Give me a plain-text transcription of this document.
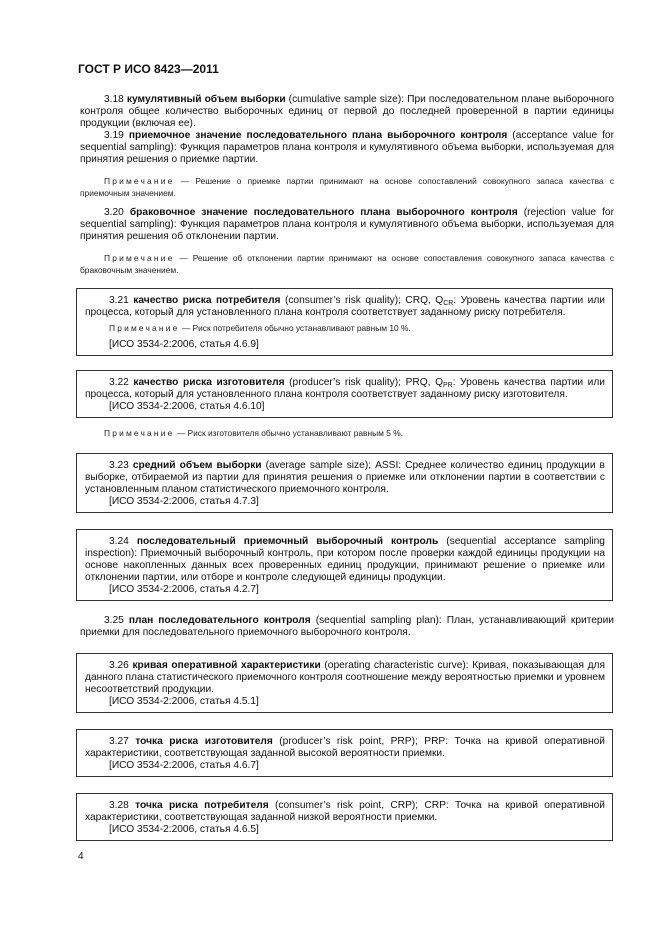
ГОСТ Р ИСО 8423—2011

3.18 кумулятивный объем выборки (cumulative sample size): При последовательном плане выборочного контроля общее количество выборочных единиц от первой до последней проверенной в партии единицы продукции (включая ее).

3.19 приемочное значение последовательного плана выборочного контроля (acceptance value for sequential sampling): Функция параметров плана контроля и кумулятивного объема выборки, используемая для принятия решения о приемке партии.

Примечание — Решение о приемке партии принимают на основе сопоставлений совокупного запаса качества с приемочным значением.

3.20 браковочное значение последовательного плана выборочного контроля (rejection value for sequential sampling): Функция параметров плана контроля и кумулятивного объема выборки, используемая для принятия решения об отклонении партии.

Примечание — Решение об отклонении партии принимают на основе сопоставления совокупного запаса качества с браковочным значением.

3.21 качество риска потребителя (consumer’s risk quality); CRQ, $Q_{CR}$: Уровень качества партии или процесса, который для установленного плана контроля соответствует заданному риску потребителя.

Примечание — Риск потребителя обычно устанавливают равным 10 %.

[ИСО 3534-2:2006, статья 4.6.9]

3.22 качество риска изготовителя (producer’s risk quality); PRQ, $Q_{PR}$: Уровень качества партии или процесса, который для установленного плана контроля соответствует заданному риску изготовителя.

[ИСО 3534-2:2006, статья 4.6.10]

Примечание — Риск изготовителя обычно устанавливают равным 5 %.

3.23 средний объем выборки (average sample size); ASSI: Среднее количество единиц продукции в выборке, отбираемой из партии для принятия решения о приемке или отклонении партии в соответствии с установленным планом статистического приемочного контроля.

[ИСО 3534-2:2006, статья 4.7.3]

3.24 последовательный приемочный выборочный контроль (sequential acceptance sampling inspection): Приемочный выборочный контроль, при котором после проверки каждой единицы продукции на основе накопленных данных всех проверенных единиц продукции, принимают решение о приемке или отклонении партии, или отборе и контроле следующей единицы продукции.

[ИСО 3534-2:2006, статья 4.2.7]

3.25 план последовательного контроля (sequential sampling plan): План, устанавливающий критерии приемки для последовательного приемочного выборочного контроля.

3.26 кривая оперативной характеристики (operating characteristic curve): Кривая, показывающая для данного плана статистического приемочного контроля соотношение между вероятностью приемки и уровнем несоответствий продукции.

[ИСО 3534-2:2006, статья 4.5.1]

3.27 точка риска изготовителя (producer’s risk point, PRP); PRP: Точка на кривой оперативной характеристики, соответствующая заданной высокой вероятности приемки.

[ИСО 3534-2:2006, статья 4.6.7]

3.28 точка риска потребителя (consumer’s risk point, CRP); CRP: Точка на кривой оперативной характеристики, соответствующая заданной низкой вероятности приемки.

[ИСО 3534-2:2006, статья 4.6.5]

4
